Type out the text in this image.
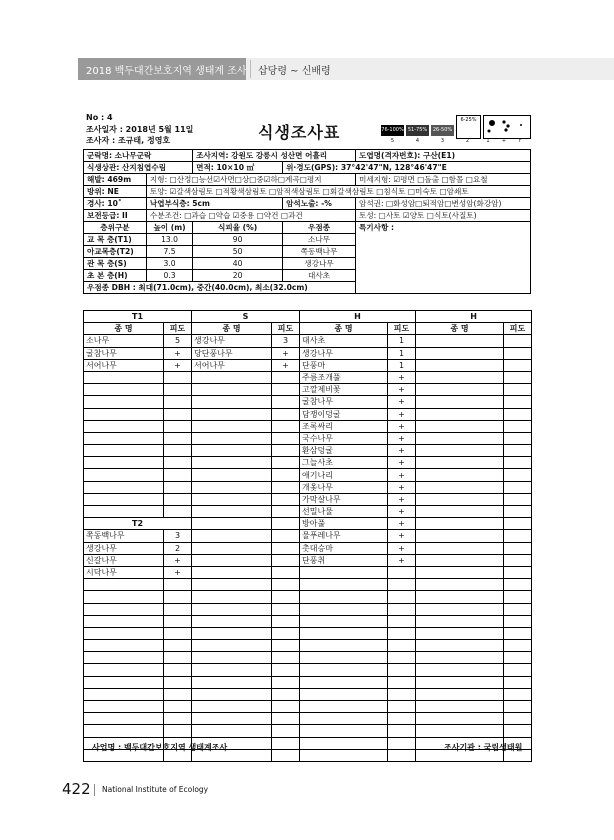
2018 백두대간보호지역 생태계 조사 삽당령 ~ 신배령
No : 4
조사일자 : 2018년 5월 11일
조사자 : 조규태, 정영호	식생조사표	76-100% 51-75%	26-50%
6-25%
5	4	3	2	1	+	r
군락명: 소나무군락		조사지역: 강원도 강릉시 성산면 어흘리		도엽명(격자번호): 구산(E1)
식생상관: 산지침엽수림		면적: 10×10 ㎡	위·경도(GPS): 37°42'47"N, 128°46'47"E	
해발: 469m	지형: □산정□능선☑사면□상□중☑하□계곡□평지			미세지형: ☑평면 □돌출 □함몰 □요철
방위: NE	토양: ☑갈색삼림토 □적황색삼림토 □암적색삼림토 □회갈색삼림토 □침식토 □미숙토 □암쇄토			
경사: 10˚	낙엽부식층: 5cm		암석노출: -%	암석권: □화성암□퇴적암□변성암(화강암)
보전등급: II	수분조건: □과습 □약습 ☑중용 □약건 □과건			토성: □사토 ☑양토 □식토(사질토)
층위구분	높이 (m)	식피율 (%)	우점종	특기사항 :
교 목 층(T1)	13.0	90	소나무	
아교목층(T2)	7.5	50	쪽동백나무	
관 목 층(S)	3.0	40	생강나무	
초 본 층(H)	0.3	20	대사초	
우점종 DBH : 최대(71.0cm), 중간(40.0cm), 최소(32.0cm)				
T1		S		H		H	
종 명	피도	종 명	피도	종 명	피도	종 명	피도
소나무	5	생강나무	3	대사초	1		
굴참나무	+	당단풍나무	+	생강나무	1		
서어나무	+	서어나무	+	단풍마	1		
				주름조개풀	+		
				고깔제비꽃	+		
				굴참나무	+		
				담쟁이덩굴	+		
				조록싸리	+		
				국수나무	+		
				환삼덩굴	+		
				그늘사초	+		
				애기나리	+		
				개옻나무	+		
				가막살나무	+		
				선밀나물	+		
T2				방아풀	+		
쪽동백나무	3			물푸레나무	+		
생강나무	2			촛대승마	+		
신갈나무	+			단풍취	+		
시닥나무	+						

사업명 : 백두대간보호지역 생태계조사	조사기관 : 국립생태원
422 National Institute of Ecology
